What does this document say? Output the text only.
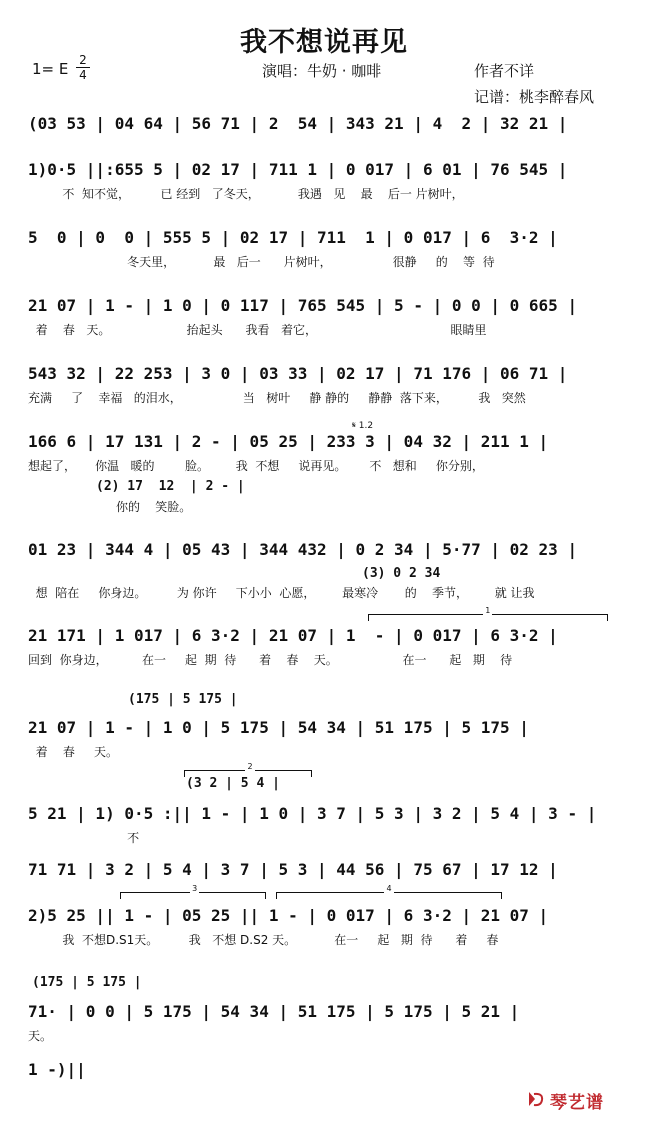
我不想说再见
1= E 2
4	演唱：牛奶 · 咖啡	作者不详
记谱：桃李醉春风
(03 53 | 04 64 | 56 71 | 2  54 | 343 21 | 4  2 | 32 21 |
1)0·5 ||:655 5 | 02 17 | 711 1 | 0 017 | 6 01 | 76 545 |
不  知不觉，        已 经到   了冬天，          我遇   见    最    后一 片树叶，
5  0 | 0  0 | 555 5 | 02 17 | 711  1 | 0 017 | 6  3·2 |
冬天里，          最   后一      片树叶，                很静     的    等  待
21 07 | 1 - | 1 0 | 0 117 | 765 545 | 5 - | 0 0 | 0 665 |
着    春   天。                    抬起头      我看   着它，                                   眼睛里
543 32 | 22 253 | 3 0 | 03 33 | 02 17 | 71 176 | 06 71 |
充满     了    幸福   的泪水，                当   树叶     静 静的     静静  落下来，        我   突然
𝄋 1.2
166 6 | 17 131 | 2 - | 05 25 | 233 3 | 04 32 | 211 1 |
想起了，     你温   暖的        脸。       我  不想     说再见。      不   想和     你分别，
(2) 17  12  | 2 - |
你的    笑脸。
01 23 | 344 4 | 05 43 | 344 432 | 0 2 34 | 5·77 | 02 23 |
想  陪在     你身边。        为 你许     下小小  心愿，       最寒冷       的    季节，       就 让我
(3) 0 2 34
1
21 171 | 1 017 | 6 3·2 | 21 07 | 1  - | 0 017 | 6 3·2 |
回到  你身边，         在一     起  期  待      着    春    天。                 在一      起   期    待
(175 | 5 175 |
21 07 | 1 - | 1 0 | 5 175 | 54 34 | 51 175 | 5 175 |
着    春     天。
2
(3 2 | 5 4 |
5 21 | 1) 0·5 :|| 1 - | 1 0 | 3 7 | 5 3 | 3 2 | 5 4 | 3 - |
不
71 71 | 3 2 | 5 4 | 3 7 | 5 3 | 44 56 | 75 67 | 17 12 |
3	4
2)5 25 || 1 - | 05 25 || 1 - | 0 017 | 6 3·2 | 21 07 |
我  不想D.S1天。        我   不想 D.S2 天。          在一     起   期  待      着     春
(175 | 5 175 |
71· | 0 0 | 5 175 | 54 34 | 51 175 | 5 175 | 5 21 |
天。
1 -)||
琴艺谱
